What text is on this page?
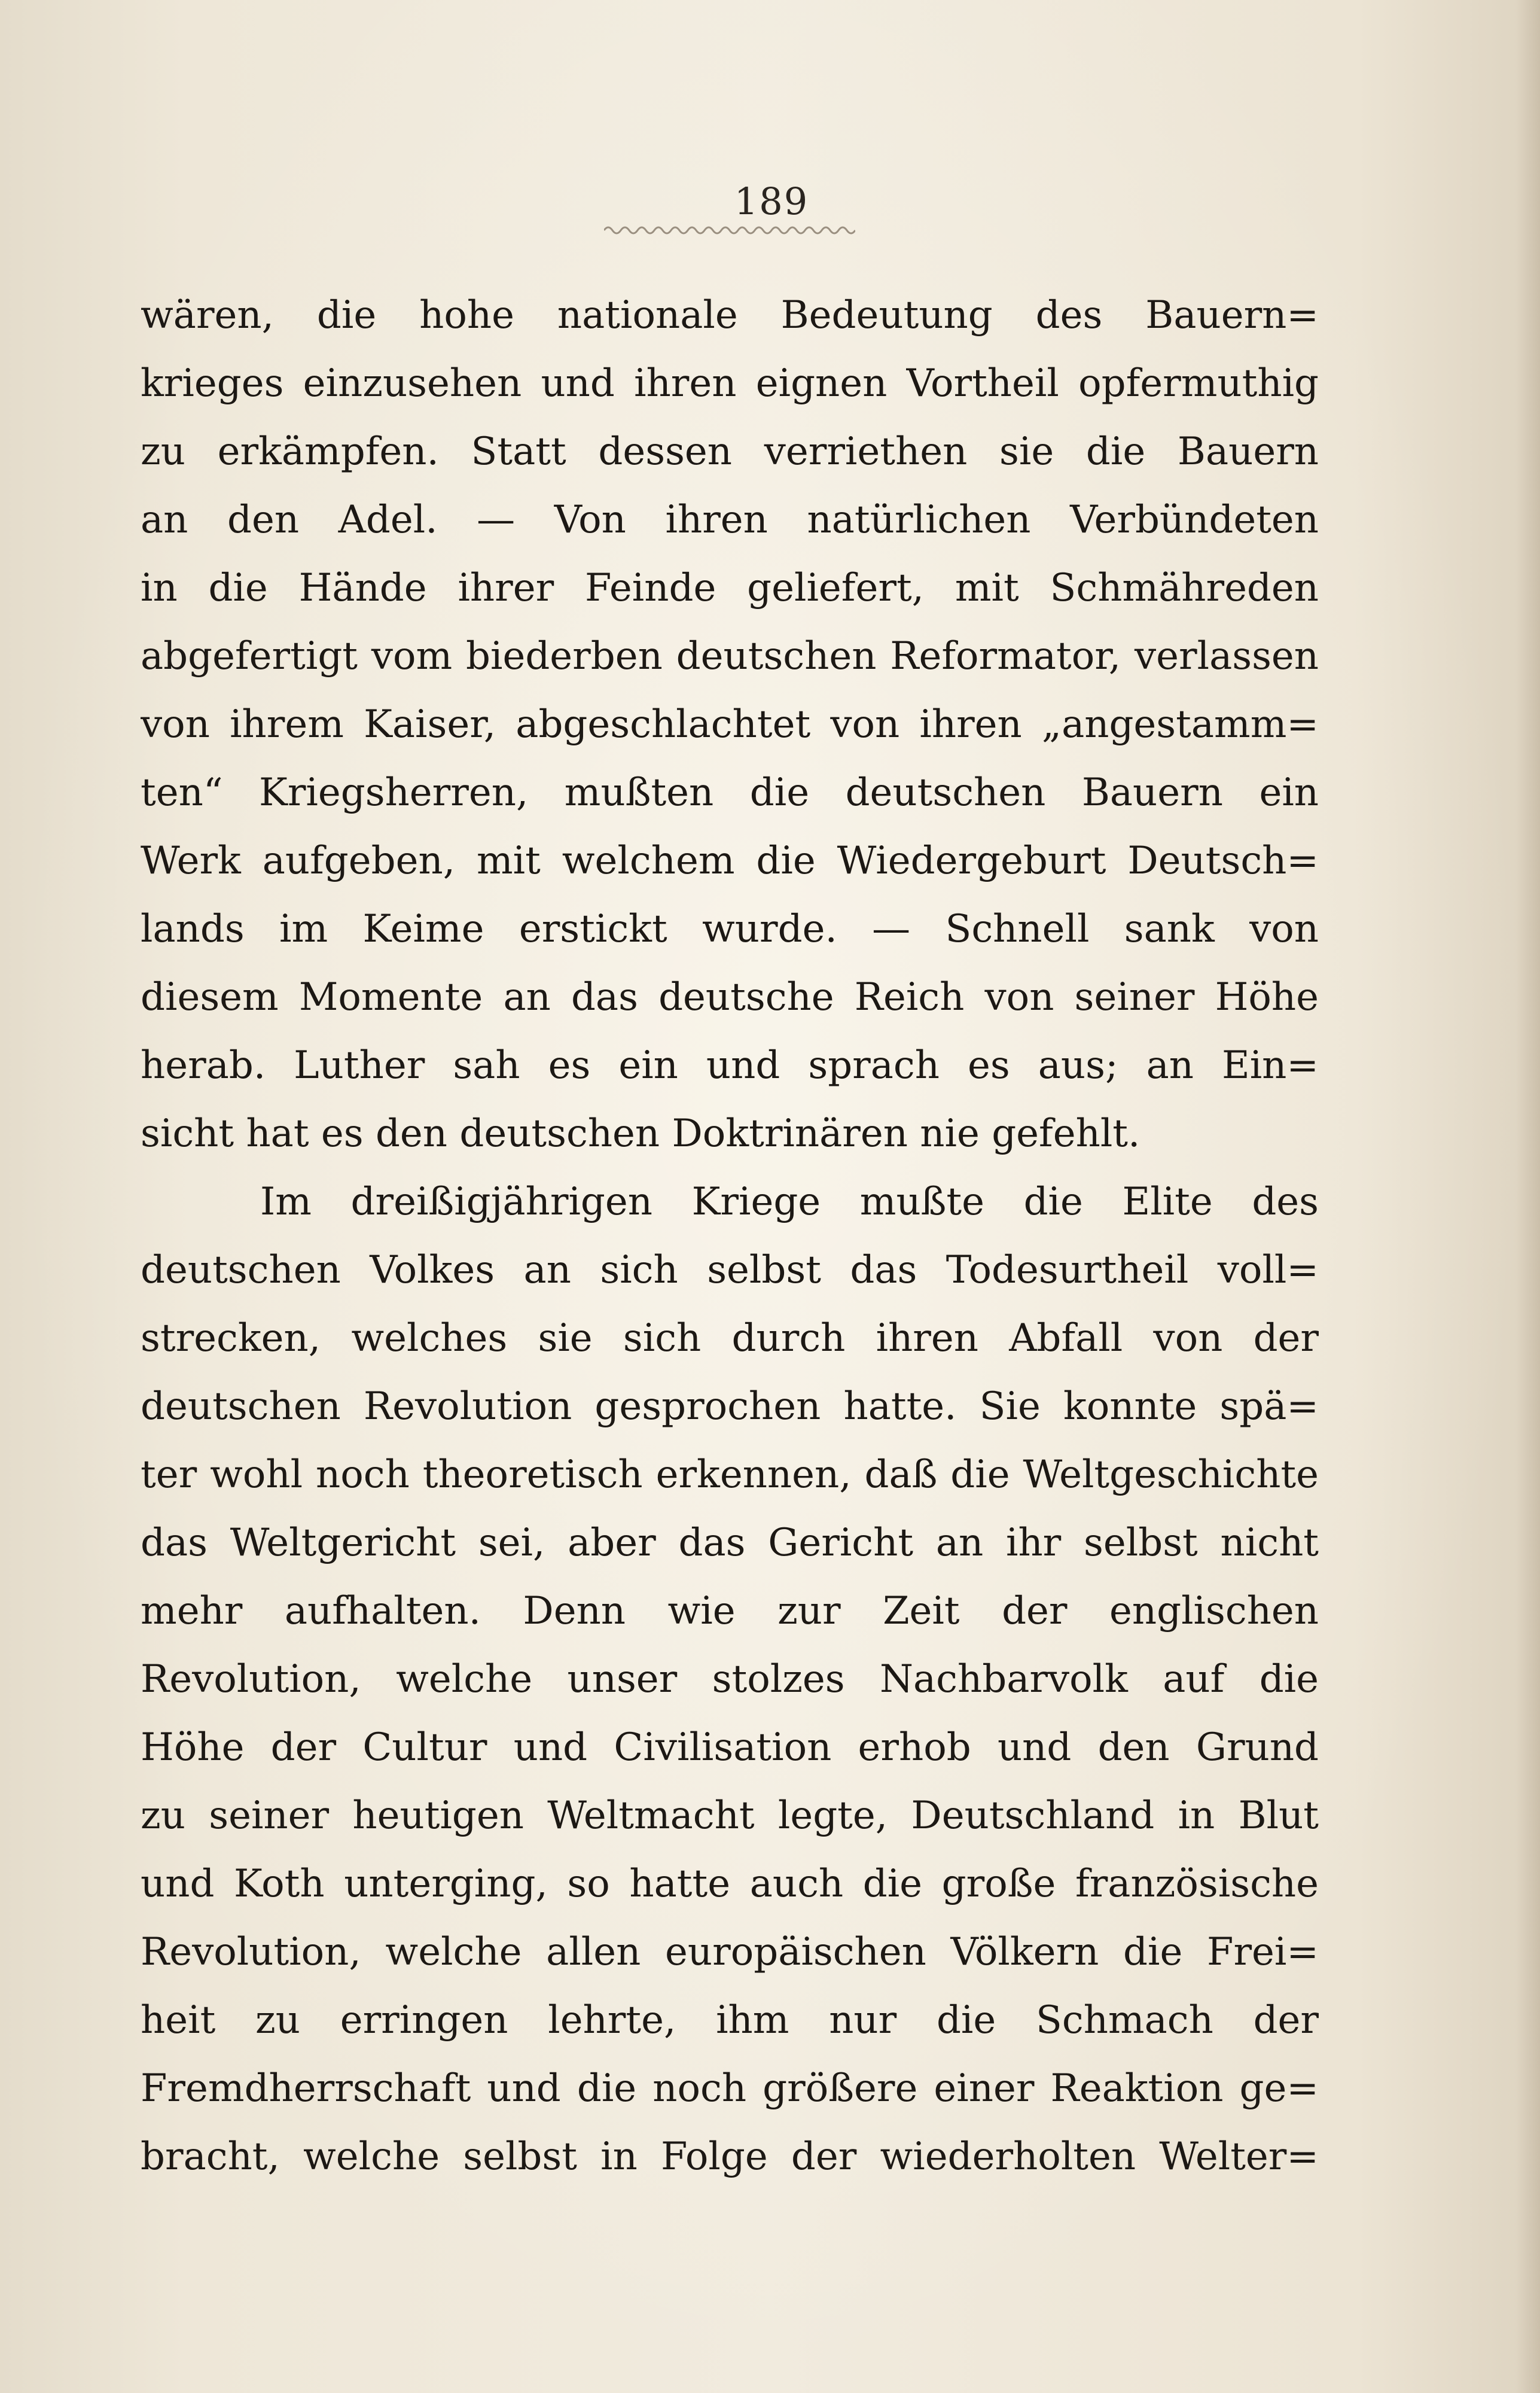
189
wären, die hohe nationale Bedeutung des Bauern=
krieges einzusehen und ihren eignen Vortheil opfermuthig
zu erkämpfen. Statt dessen verriethen sie die Bauern
an den Adel. — Von ihren natürlichen Verbündeten
in die Hände ihrer Feinde geliefert, mit Schmähreden
abgefertigt vom biederben deutschen Reformator, verlassen
von ihrem Kaiser, abgeschlachtet von ihren „angestamm=
ten“ Kriegsherren, mußten die deutschen Bauern ein
Werk aufgeben, mit welchem die Wiedergeburt Deutsch=
lands im Keime erstickt wurde. — Schnell sank von
diesem Momente an das deutsche Reich von seiner Höhe
herab. Luther sah es ein und sprach es aus; an Ein=
sicht hat es den deutschen Doktrinären nie gefehlt.
Im dreißigjährigen Kriege mußte die Elite des
deutschen Volkes an sich selbst das Todesurtheil voll=
strecken, welches sie sich durch ihren Abfall von der
deutschen Revolution gesprochen hatte. Sie konnte spä=
ter wohl noch theoretisch erkennen, daß die Weltgeschichte
das Weltgericht sei, aber das Gericht an ihr selbst nicht
mehr aufhalten. Denn wie zur Zeit der englischen
Revolution, welche unser stolzes Nachbarvolk auf die
Höhe der Cultur und Civilisation erhob und den Grund
zu seiner heutigen Weltmacht legte, Deutschland in Blut
und Koth unterging, so hatte auch die große französische
Revolution, welche allen europäischen Völkern die Frei=
heit zu erringen lehrte, ihm nur die Schmach der
Fremdherrschaft und die noch größere einer Reaktion ge=
bracht, welche selbst in Folge der wiederholten Welter=
